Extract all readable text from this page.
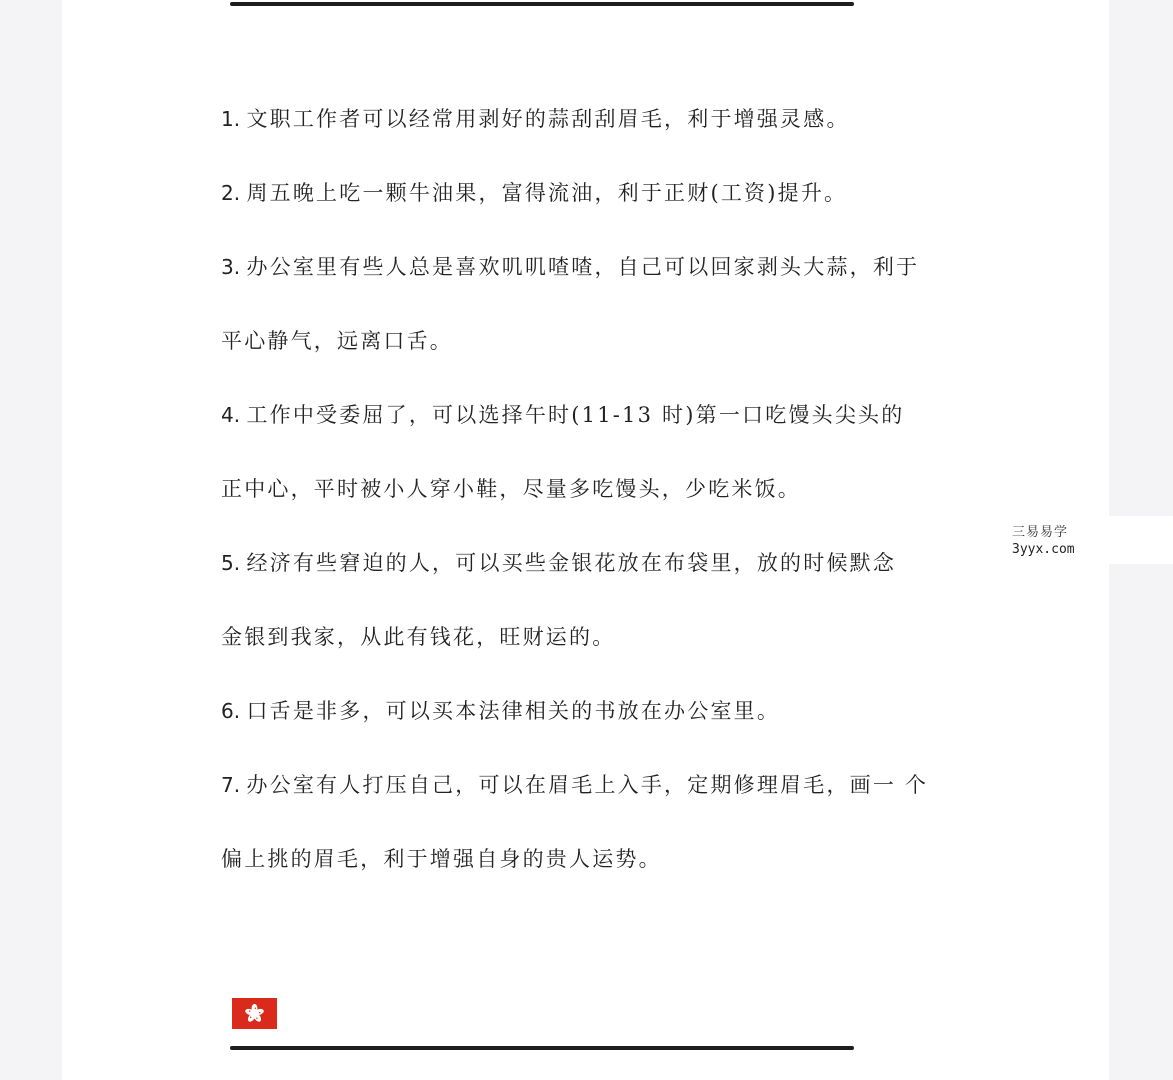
1. 文职工作者可以经常用剥好的蒜刮刮眉毛，利于增强灵感。
2. 周五晚上吃一颗牛油果，富得流油，利于正财(工资)提升。
3. 办公室里有些人总是喜欢叽叽喳喳，自己可以回家剥头大蒜，利于
平心静气，远离口舌。
4. 工作中受委屈了，可以选择午时(11-13 时)第一口吃馒头尖头的
正中心，平时被小人穿小鞋，尽量多吃馒头，少吃米饭。
5. 经济有些窘迫的人，可以买些金银花放在布袋里，放的时候默念
金银到我家，从此有钱花，旺财运的。
6. 口舌是非多，可以买本法律相关的书放在办公室里。
7. 办公室有人打压自己，可以在眉毛上入手，定期修理眉毛，画一 个
偏上挑的眉毛，利于增强自身的贵人运势。
三易易学
3yyx.com
